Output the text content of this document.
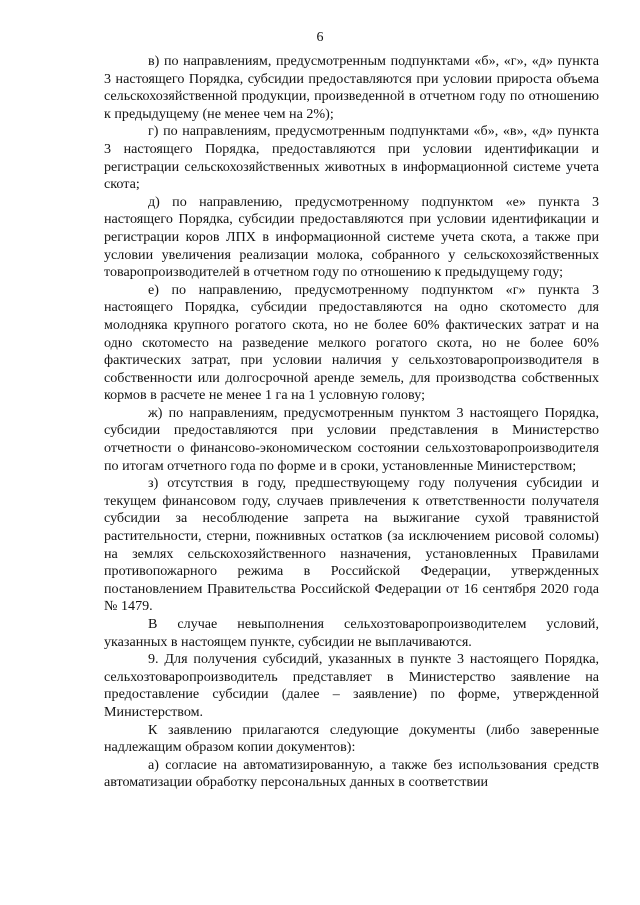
6

в) по направлениям, предусмотренным подпунктами «б», «г», «д» пункта 3 настоящего Порядка, субсидии предоставляются при условии прироста объема сельскохозяйственной продукции, произведенной в отчетном году по отношению к предыдущему (не менее чем на 2%);

г) по направлениям, предусмотренным подпунктами «б», «в», «д» пункта 3 настоящего Порядка, предоставляются при условии идентификации и регистрации сельскохозяйственных животных в информационной системе учета скота;

д) по направлению, предусмотренному подпунктом «е» пункта 3 настоящего Порядка, субсидии предоставляются при условии идентификации и регистрации коров ЛПХ в информационной системе учета скота, а также при условии увеличения реализации молока, собранного у сельскохозяйственных товаропроизводителей в отчетном году по отношению к предыдущему году;

е) по направлению, предусмотренному подпунктом «г» пункта 3 настоящего Порядка, субсидии предоставляются на одно скотоместо для молодняка крупного рогатого скота, но не более 60% фактических затрат и на одно скотоместо на разведение мелкого рогатого скота, но не более 60% фактических затрат, при условии наличия у сельхозтоваропроизводителя в собственности или долгосрочной аренде земель, для производства собственных кормов в расчете не менее 1 га на 1 условную голову;

ж) по направлениям, предусмотренным пунктом 3 настоящего Порядка, субсидии предоставляются при условии представления в Министерство отчетности о финансово-экономическом состоянии сельхозтоваропроизводителя по итогам отчетного года по форме и в сроки, установленные Министерством;

з) отсутствия в году, предшествующему году получения субсидии и текущем финансовом году, случаев привлечения к ответственности получателя субсидии за несоблюдение запрета на выжигание сухой травянистой растительности, стерни, пожнивных остатков (за исключением рисовой соломы) на землях сельскохозяйственного назначения, установленных Правилами противопожарного режима в Российской Федерации, утвержденных постановлением Правительства Российской Федерации от 16 сентября 2020 года № 1479.

В случае невыполнения сельхозтоваропроизводителем условий, указанных в настоящем пункте, субсидии не выплачиваются.

9. Для получения субсидий, указанных в пункте 3 настоящего Порядка, сельхозтоваропроизводитель представляет в Министерство заявление на предоставление субсидии (далее – заявление) по форме, утвержденной Министерством.

К заявлению прилагаются следующие документы (либо заверенные надлежащим образом копии документов):

а) согласие на автоматизированную, а также без использования средств автоматизации обработку персональных данных в соответствии
